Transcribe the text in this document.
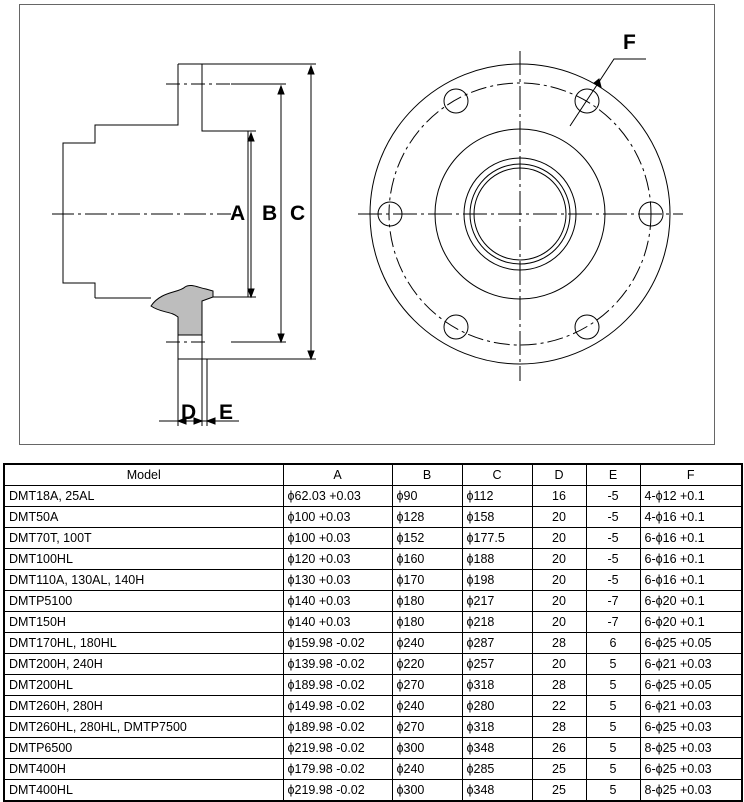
A B C
D E
F
Model	A	B	C	D	E	F
DMT18A, 25AL	ϕ62.03 +0.03	ϕ90	ϕ112	16	-5	4-ϕ12 +0.1
DMT50A	ϕ100 +0.03	ϕ128	ϕ158	20	-5	4-ϕ16 +0.1
DMT70T, 100T	ϕ100 +0.03	ϕ152	ϕ177.5	20	-5	6-ϕ16 +0.1
DMT100HL	ϕ120 +0.03	ϕ160	ϕ188	20	-5	6-ϕ16 +0.1
DMT110A, 130AL, 140H	ϕ130 +0.03	ϕ170	ϕ198	20	-5	6-ϕ16 +0.1
DMTP5100	ϕ140 +0.03	ϕ180	ϕ217	20	-7	6-ϕ20 +0.1
DMT150H	ϕ140 +0.03	ϕ180	ϕ218	20	-7	6-ϕ20 +0.1
DMT170HL, 180HL	ϕ159.98 -0.02	ϕ240	ϕ287	28	6	6-ϕ25 +0.05
DMT200H, 240H	ϕ139.98 -0.02	ϕ220	ϕ257	20	5	6-ϕ21 +0.03
DMT200HL	ϕ189.98 -0.02	ϕ270	ϕ318	28	5	6-ϕ25 +0.05
DMT260H, 280H	ϕ149.98 -0.02	ϕ240	ϕ280	22	5	6-ϕ21 +0.03
DMT260HL, 280HL, DMTP7500	ϕ189.98 -0.02	ϕ270	ϕ318	28	5	6-ϕ25 +0.03
DMTP6500	ϕ219.98 -0.02	ϕ300	ϕ348	26	5	8-ϕ25 +0.03
DMT400H	ϕ179.98 -0.02	ϕ240	ϕ285	25	5	6-ϕ25 +0.03
DMT400HL	ϕ219.98 -0.02	ϕ300	ϕ348	25	5	8-ϕ25 +0.03
